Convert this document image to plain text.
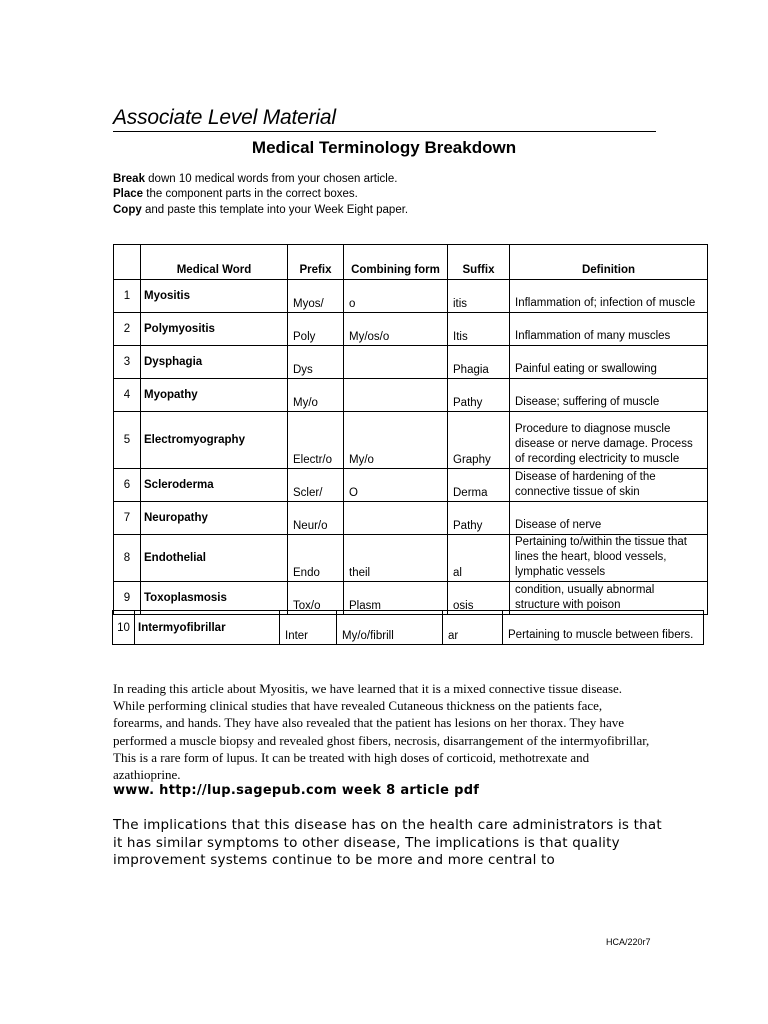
Associate Level Material
Medical Terminology Breakdown
Break down 10 medical words from your chosen article.
Place the component parts in the correct boxes.
Copy and paste this template into your Week Eight paper.
	Medical Word	Prefix	Combining form	Suffix	Definition
1	Myositis	Myos/	o	itis	Inflammation of; infection of muscle
2	Polymyositis	Poly	My/os/o	Itis	Inflammation of many muscles
3	Dysphagia	Dys		Phagia	Painful eating or swallowing
4	Myopathy	My/o		Pathy	Disease; suffering of muscle
5	Electromyography	Electr/o	My/o	Graphy	Procedure to diagnose muscle disease or nerve damage. Process of recording electricity to muscle
6	Scleroderma	Scler/	O	Derma	Disease of hardening of the connective tissue of skin
7	Neuropathy	Neur/o		Pathy	Disease of nerve
8	Endothelial	Endo	theil	al	Pertaining to/within the tissue that lines the heart, blood vessels, lymphatic vessels
9	Toxoplasmosis	Tox/o	Plasm	osis	condition, usually abnormal structure with poison
10	Intermyofibrillar	Inter	My/o/fibrill	ar	Pertaining to muscle between fibers.
In reading this article about Myositis, we have learned that it is a mixed connective tissue disease. While performing clinical studies that have revealed Cutaneous thickness on the patients face, forearms, and hands. They have also revealed that the patient has lesions on her thorax. They have performed a muscle biopsy and revealed ghost fibers, necrosis, disarrangement of the intermyofibrillar, This is a rare form of lupus. It can be treated with high doses of corticoid, methotrexate and azathioprine.
www. http://lup.sagepub.com week 8 article pdf
The implications that this disease has on the health care administrators is that it has similar symptoms to other disease, The implications is that quality improvement systems continue to be more and more central to
HCA/220r7
